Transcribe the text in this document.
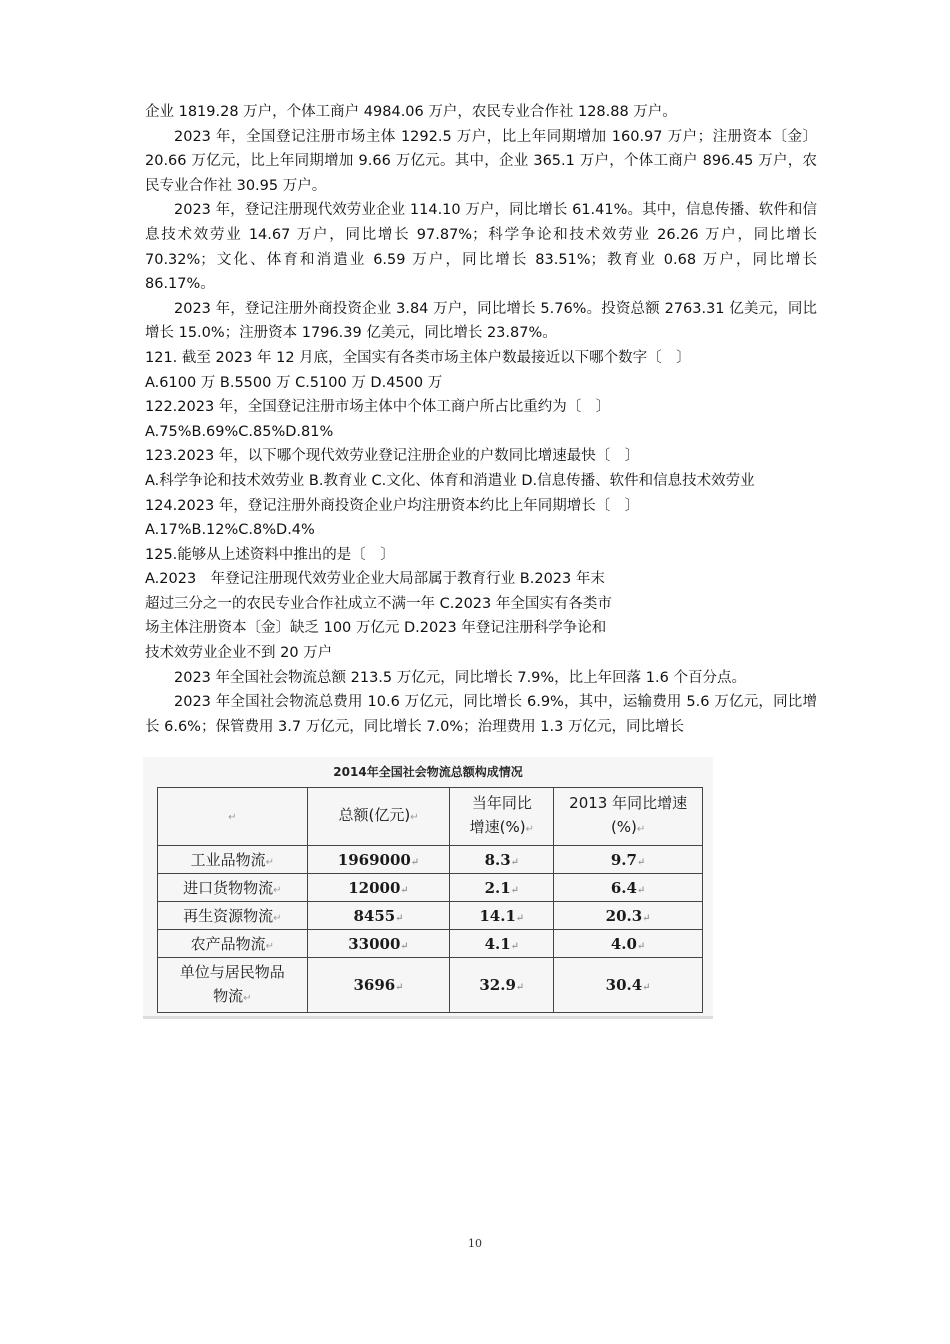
企业 1819.28 万户，个体工商户 4984.06 万户，农民专业合作社 128.88 万户。

2023 年，全国登记注册市场主体 1292.5 万户，比上年同期增加 160.97 万户；注册资本〔金〕20.66 万亿元，比上年同期增加 9.66 万亿元。其中，企业 365.1 万户，个体工商户 896.45 万户，农民专业合作社 30.95 万户。

2023 年，登记注册现代效劳业企业 114.10 万户，同比增长 61.41%。其中，信息传播、软件和信息技术效劳业 14.67 万户，同比增长 97.87%；科学争论和技术效劳业 26.26 万户，同比增长 70.32%；文化、体育和消遣业 6.59 万户，同比增长 83.51%；教育业 0.68 万户，同比增长 86.17%。

2023 年，登记注册外商投资企业 3.84 万户，同比增长 5.76%。投资总额 2763.31 亿美元，同比增长 15.0%；注册资本 1796.39 亿美元，同比增长 23.87%。

121. 截至 2023 年 12 月底，全国实有各类市场主体户数最接近以下哪个数字〔　〕

A.6100 万 B.5500 万 C.5100 万 D.4500 万

122.2023 年，全国登记注册市场主体中个体工商户所占比重约为〔　〕

A.75%B.69%C.85%D.81%

123.2023 年，以下哪个现代效劳业登记注册企业的户数同比增速最快〔　〕

A.科学争论和技术效劳业 B.教育业 C.文化、体育和消遣业 D.信息传播、软件和信息技术效劳业

124.2023 年，登记注册外商投资企业户均注册资本约比上年同期增长〔　〕

A.17%B.12%C.8%D.4%

125.能够从上述资料中推出的是〔　〕

A.2023　年登记注册现代效劳业企业大局部属于教育行业 B.2023 年末超过三分之一的农民专业合作社成立不满一年 C.2023 年全国实有各类市场主体注册资本〔金〕缺乏 100 万亿元 D.2023 年登记注册科学争论和技术效劳业企业不到 20 万户

2023 年全国社会物流总额 213.5 万亿元，同比增长 7.9%，比上年回落 1.6 个百分点。

2023 年全国社会物流总费用 10.6 万亿元，同比增长 6.9%，其中，运输费用 5.6 万亿元，同比增长 6.6%；保管费用 3.7 万亿元，同比增长 7.0%；治理费用 1.3 万亿元，同比增长

2014年全国社会物流总额构成情况
↵	总额(亿元)↵	当年同比
增速(%)↵	2013 年同比增速
(%)↵
工业品物流↵	1969000↵	8.3↵	9.7↵
进口货物物流↵	12000↵	2.1↵	6.4↵
再生资源物流↵	8455↵	14.1↵	20.3↵
农产品物流↵	33000↵	4.1↵	4.0↵
单位与居民物品
物流↵	3696↵	32.9↵	30.4↵
10
